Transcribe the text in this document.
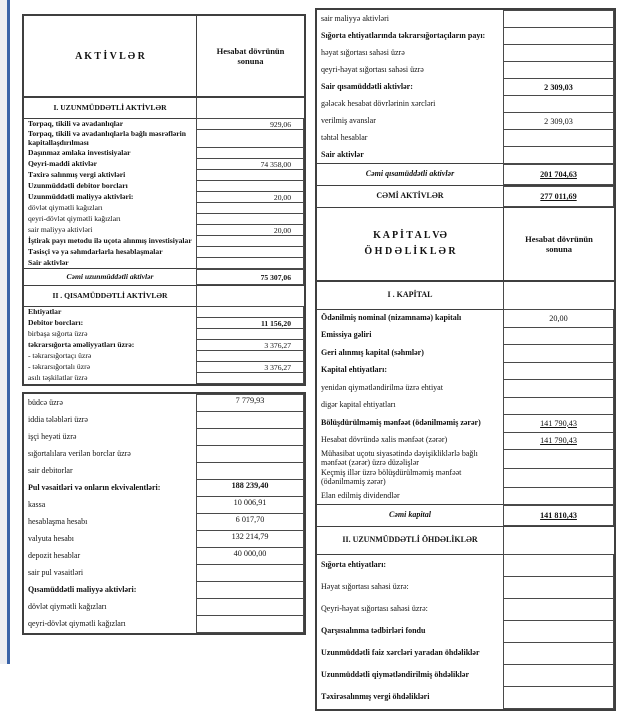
A K T İ V L Ə R	Hesabat dövrünün sonuna
I. UZUNMÜDDƏTLİ AKTİVLƏR
Torpaq, tikili və avadanlıqlar	929,06
Torpaq, tikili və avadanlıqlarla bağlı məsrəflərin kapitallaşdırılması
Daşınmaz əmlaka investisiyalar
Qeyri-maddi aktivlər	74 358,00
Təxirə salınmış vergi aktivləri
Uzunmüddətli debitor borcları
Uzunmüddətli maliyyə aktivləri:	20,00
dövlət qiymətli kağızları
qeyri-dövlət qiymətli kağızları
sair maliyyə aktivləri	20,00
İştirak payı metodu ilə uçota alınmış investisiyalar
Təsisçi və ya səhmdarlarla hesablaşmalar
Sair aktivlər
Cəmi uzunmüddətli aktivlər	75 307,06
II . QISAMÜDDƏTLİ AKTİVLƏR
Ehtiyatlar
Debitor borcları:	11 156,20
birbaşa sığorta üzrə
təkrarsığorta əməliyyatları üzrə:	3 376,27
- təkrarsığortaçı üzrə
- təkrarsığortalı üzrə	3 376,27
asılı təşkilatlar üzrə
büdcə üzrə	7 779,93
iddia tələbləri üzrə
işçi heyəti üzrə
sığortalılara verilən borclar üzrə
sair debitorlar
Pul vəsaitləri və onların ekvivalentləri:	188 239,40
kassa	10 006,91
hesablaşma hesabı	6 017,70
valyuta hesabı	132 214,79
depozit hesablar	40 000,00
sair pul vəsaitləri
Qısamüddətli maliyyə aktivləri:
dövlət qiymətli kağızları
qeyri-dövlət qiymətli kağızları
sair maliyyə aktivləri
Sığorta ehtiyatlarında təkrarsığortaçıların payı:
həyat sığortası sahəsi üzrə
qeyri-həyat sığortası sahəsi üzrə
Sair qısamüddətli aktivlər:	2 309,03
gələcək hesabat dövrlərinin xərcləri
verilmiş avanslar	2 309,03
təhtəl hesablar
Sair aktivlər
Cəmi qısamüddətli aktivlər	201 704,63
CƏMİ AKTİVLƏR	277 011,69
K A P İ T A L VƏ
Ö H D Ə L İ K L Ə R
Hesabat dövrünün sonuna
I . KAPİTAL
Ödənilmiş nominal (nizamnamə) kapitalı	20,00
Emissiya gəliri
Geri alınmış kapital (səhmlər)
Kapital ehtiyatları:
yenidən qiymətləndirilmə üzrə ehtiyat
digər kapital ehtiyatları
Bölüşdürülməmiş mənfəət (ödənilməmiş zərər)	141 790,43
Hesabat dövründə xalis mənfəət (zərər)	141 790,43
Mühasibat uçotu siyasətində dəyişikliklərlə bağlı mənfəət (zərər) üzrə düzəlişlər
Keçmiş illər üzrə bölüşdürülməmiş mənfəət (ödənilməmiş zərər)
Elan edilmiş dividendlər
Cəmi kapital	141 810,43
II. UZUNMÜDDƏTLİ ÖHDƏLİKLƏR
Sığorta ehtiyatları:
Həyat sığortası sahəsi üzrə:
Qeyri-həyat sığortası sahəsi üzrə:
Qarşısıalınma tədbirləri fondu
Uzunmüddətli faiz xərcləri yaradan öhdəliklər
Uzunmüddətli qiymətləndirilmiş öhdəliklər
Təxirəsalınmış vergi öhdəlikləri
